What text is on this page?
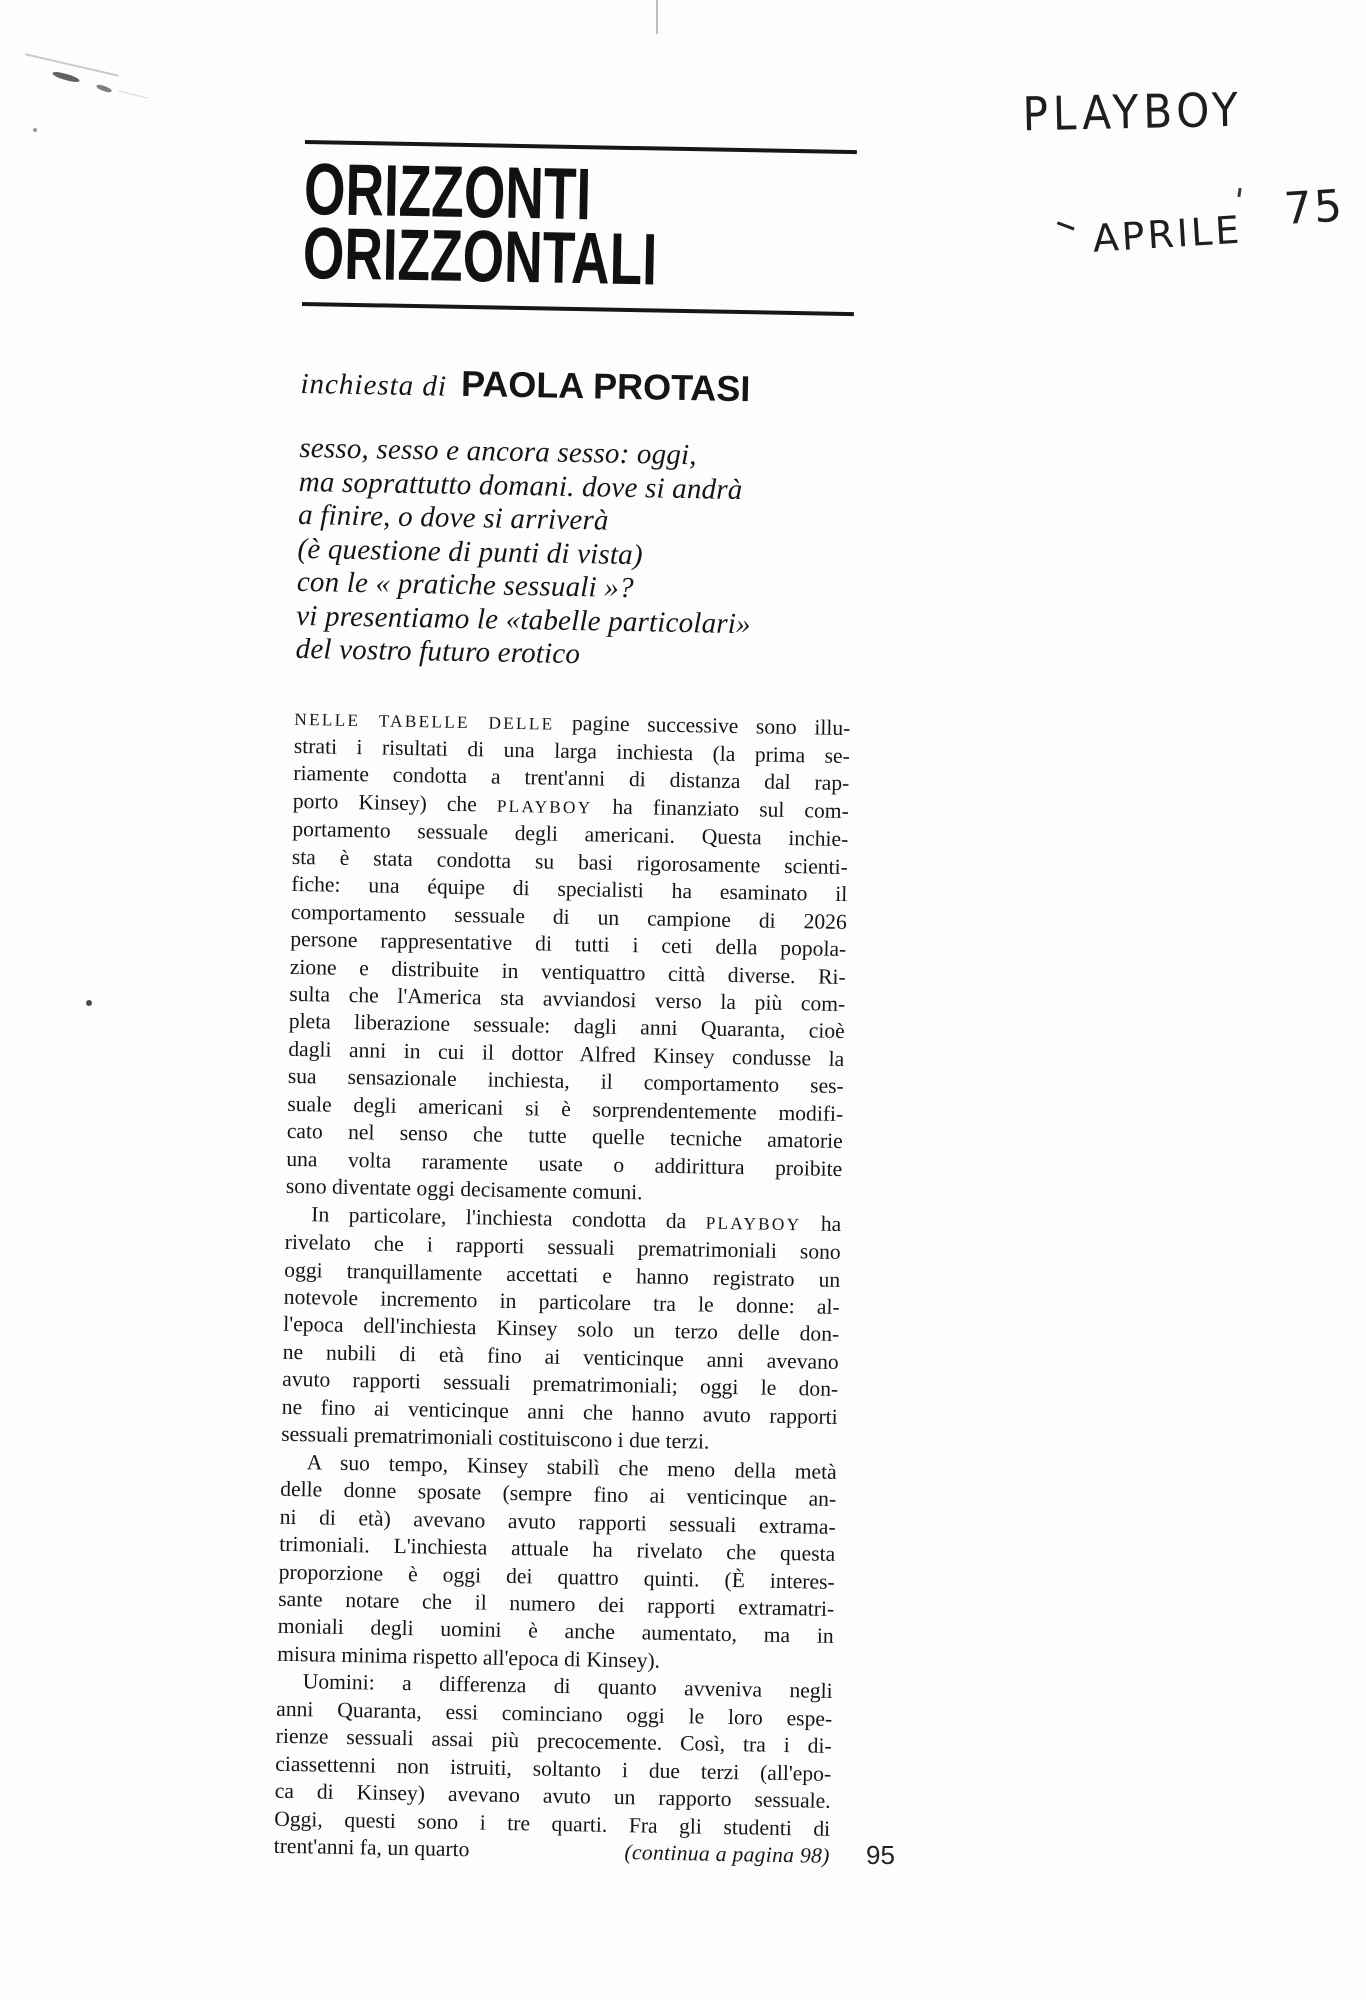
PLAYBOY
APRILE 75
ORIZZONTI
ORIZZONTALI
inchiesta di PAOLA PROTASI
sesso, sesso e ancora sesso: oggi,
ma soprattutto domani. dove si andrà
a finire, o dove si arriverà
(è questione di punti di vista)
con le « pratiche sessuali »?
vi presentiamo le «tabelle particolari»
del vostro futuro erotico
NELLE TABELLE DELLE pagine successive sono illu-
strati i risultati di una larga inchiesta (la prima se-
riamente condotta a trent'anni di distanza dal rap-
porto Kinsey) che PLAYBOY ha finanziato sul com-
portamento sessuale degli americani. Questa inchie-
sta è stata condotta su basi rigorosamente scienti-
fiche: una équipe di specialisti ha esaminato il
comportamento sessuale di un campione di 2026
persone rappresentative di tutti i ceti della popola-
zione e distribuite in ventiquattro città diverse. Ri-
sulta che l'America sta avviandosi verso la più com-
pleta liberazione sessuale: dagli anni Quaranta, cioè
dagli anni in cui il dottor Alfred Kinsey condusse la
sua sensazionale inchiesta, il comportamento ses-
suale degli americani si è sorprendentemente modifi-
cato nel senso che tutte quelle tecniche amatorie
una volta raramente usate o addirittura proibite
sono diventate oggi decisamente comuni.
In particolare, l'inchiesta condotta da PLAYBOY ha
rivelato che i rapporti sessuali prematrimoniali sono
oggi tranquillamente accettati e hanno registrato un
notevole incremento in particolare tra le donne: al-
l'epoca dell'inchiesta Kinsey solo un terzo delle don-
ne nubili di età fino ai venticinque anni avevano
avuto rapporti sessuali prematrimoniali; oggi le don-
ne fino ai venticinque anni che hanno avuto rapporti
sessuali prematrimoniali costituiscono i due terzi.
A suo tempo, Kinsey stabilì che meno della metà
delle donne sposate (sempre fino ai venticinque an-
ni di età) avevano avuto rapporti sessuali extrama-
trimoniali. L'inchiesta attuale ha rivelato che questa
proporzione è oggi dei quattro quinti. (È interes-
sante notare che il numero dei rapporti extramatri-
moniali degli uomini è anche aumentato, ma in
misura minima rispetto all'epoca di Kinsey).
Uomini: a differenza di quanto avveniva negli
anni Quaranta, essi cominciano oggi le loro espe-
rienze sessuali assai più precocemente. Così, tra i di-
ciassettenni non istruiti, soltanto i due terzi (all'epo-
ca di Kinsey) avevano avuto un rapporto sessuale.
Oggi, questi sono i tre quarti. Fra gli studenti di
trent'anni fa, un quarto	(continua a pagina 98) 95
